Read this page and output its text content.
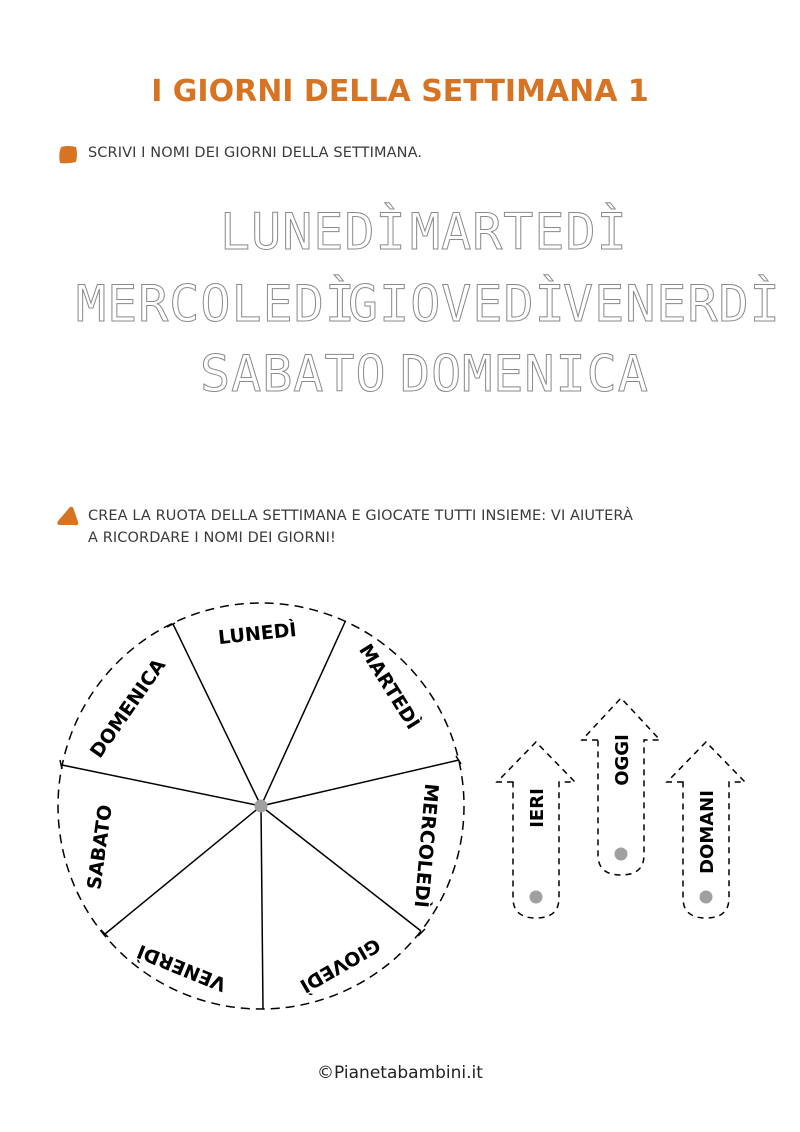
I GIORNI DELLA SETTIMANA 1
SCRIVI I NOMI DEI GIORNI DELLA SETTIMANA.
LUNEDÌ MARTEDÌ
MERCOLEDÌ
GIOVEDÌ
VENERDÌ
SABATO DOMENICA
CREA LA RUOTA DELLA SETTIMANA E GIOCATE TUTTI INSIEME: VI AIUTERÀ
A RICORDARE I NOMI DEI GIORNI!
LUNEDÌ
MARTEDÌ
MERCOLEDÌ
GIOVEDÌ
VENERDÌ
SABATO
DOMENICA
IERI
OGGI
DOMANI
©Pianetabambini.it
